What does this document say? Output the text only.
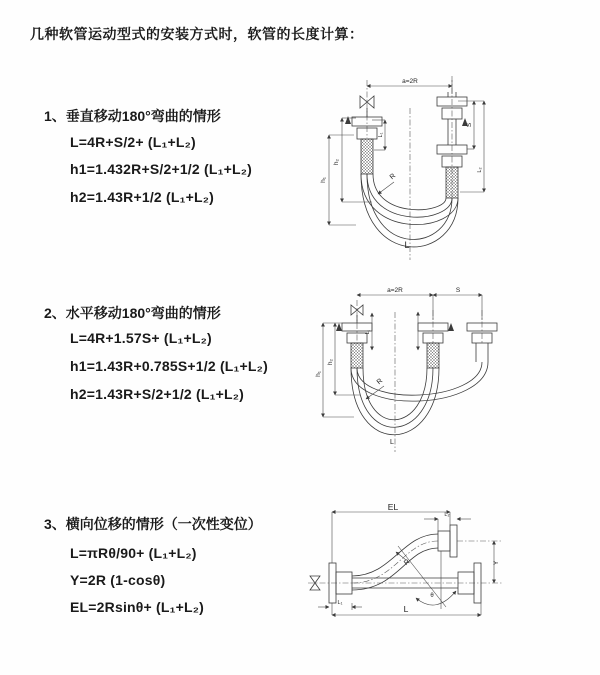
几种软管运动型式的安装方式时，软管的长度计算：
1、垂直移动180°弯曲的情形
L=4R+S/2+ (L₁+L₂)
h1=1.432R+S/2+1/2 (L₁+L₂)
h2=1.43R+1/2 (L₁+L₂)
2、水平移动180°弯曲的情形
L=4R+1.57S+ (L₁+L₂)
h1=1.43R+0.785S+1/2 (L₁+L₂)
h2=1.43R+S/2+1/2 (L₁+L₂)
3、横向位移的情形（一次性变位）
L=πRθ/90+ (L₁+L₂)
Y=2R (1-cosθ)
EL=2Rsinθ+ (L₁+L₂)
a=2R
h₁
h₂
L₁
S
L₂
R
L
a=2R	S
h₁
h₂
L₁
R
L
EL
L₂
Y
R
θ
L
L₁
